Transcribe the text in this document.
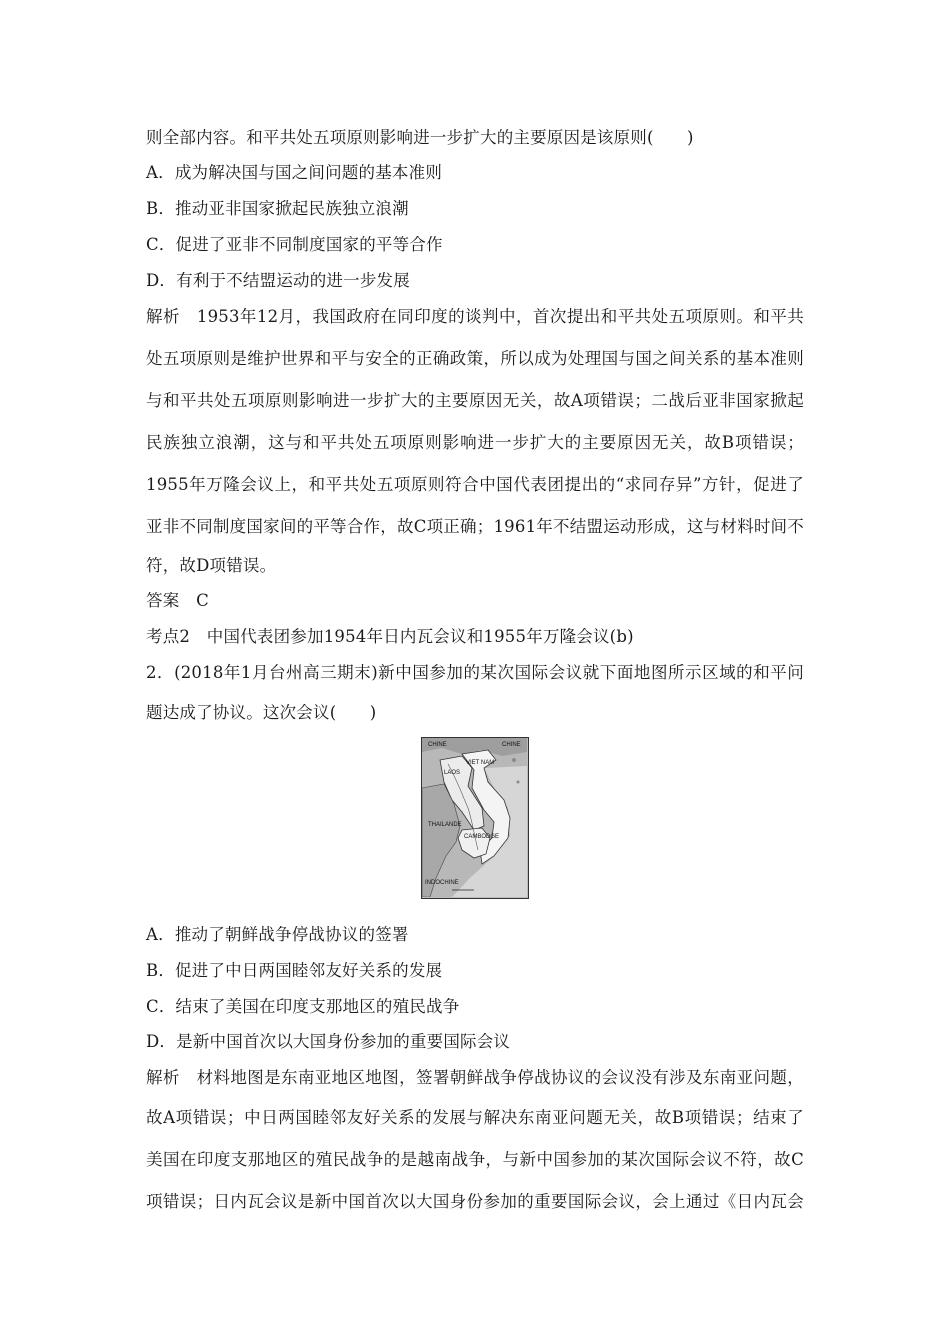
则全部内容。和平共处五项原则影响进一步扩大的主要原因是该原则(　　)
A．成为解决国与国之间问题的基本准则
B．推动亚非国家掀起民族独立浪潮
C．促进了亚非不同制度国家的平等合作
D．有利于不结盟运动的进一步发展
解析　1953年12月，我国政府在同印度的谈判中，首次提出和平共处五项原则。和平共
处五项原则是维护世界和平与安全的正确政策，所以成为处理国与国之间关系的基本准则
与和平共处五项原则影响进一步扩大的主要原因无关，故A项错误；二战后亚非国家掀起
民族独立浪潮，这与和平共处五项原则影响进一步扩大的主要原因无关，故B项错误；
1955年万隆会议上，和平共处五项原则符合中国代表团提出的“求同存异”方针，促进了
亚非不同制度国家间的平等合作，故C项正确；1961年不结盟运动形成，这与材料时间不
符，故D项错误。
答案　C
考点2　中国代表团参加1954年日内瓦会议和1955年万隆会议(b)
2．(2018年1月台州高三期末)新中国参加的某次国际会议就下面地图所示区域的和平问
题达成了协议。这次会议(　　)
CHINE	CHINE
VIET NAM
LAOS
THAILANDE
CAMBODGE
INDOCHINE
A．推动了朝鲜战争停战协议的签署
B．促进了中日两国睦邻友好关系的发展
C．结束了美国在印度支那地区的殖民战争
D．是新中国首次以大国身份参加的重要国际会议
解析　材料地图是东南亚地区地图，签署朝鲜战争停战协议的会议没有涉及东南亚问题，
故A项错误；中日两国睦邻友好关系的发展与解决东南亚问题无关，故B项错误；结束了
美国在印度支那地区的殖民战争的是越南战争，与新中国参加的某次国际会议不符，故C
项错误；日内瓦会议是新中国首次以大国身份参加的重要国际会议，会上通过《日内瓦会
